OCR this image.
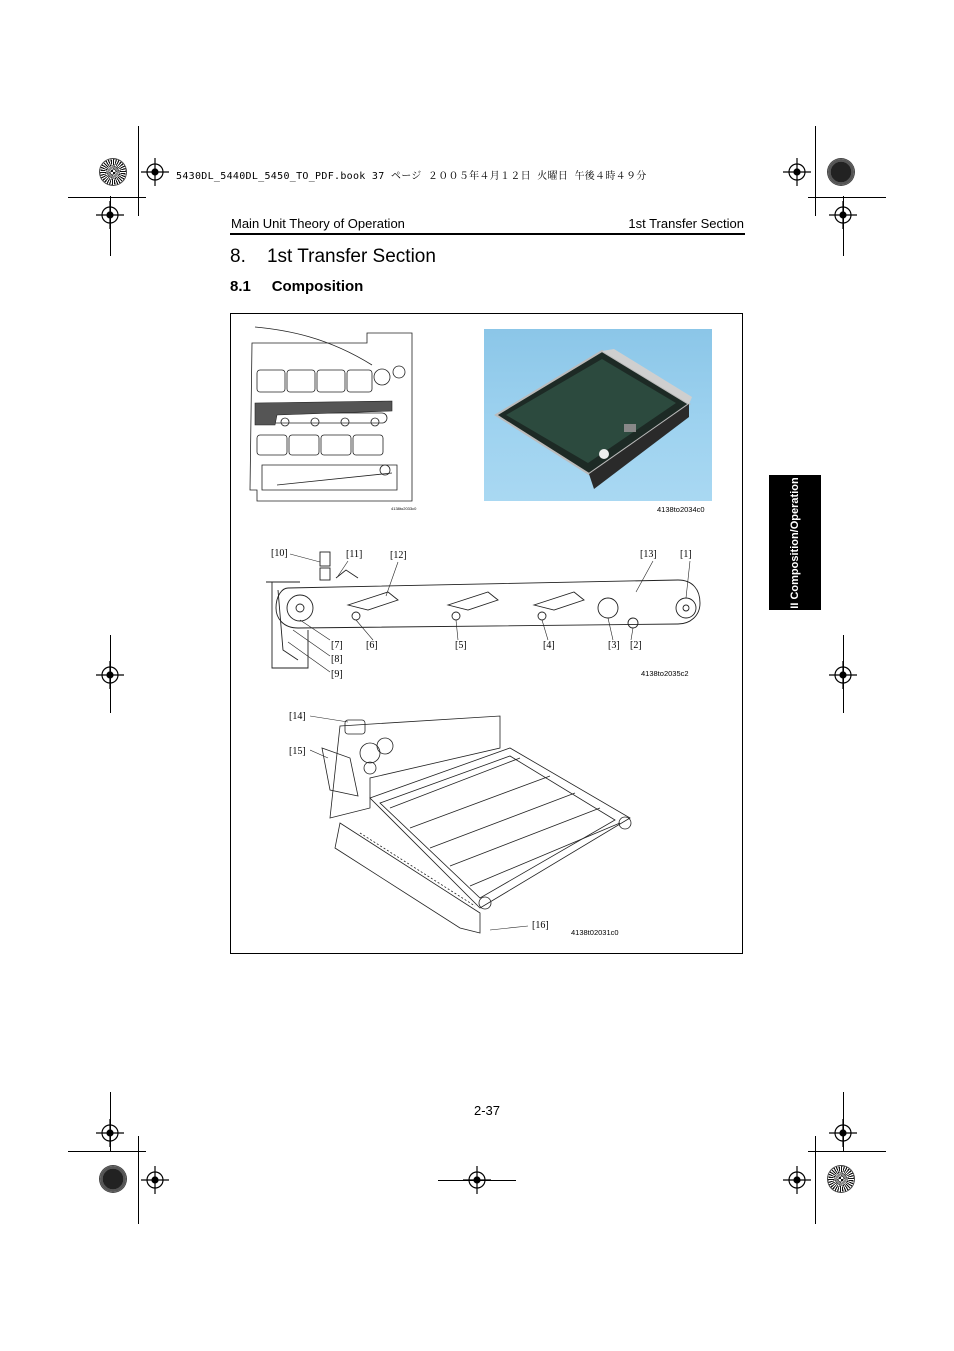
5430DL_5440DL_5450_TO_PDF.book 37 ページ ２００５年４月１２日 火曜日 午後４時４９分
Main Unit Theory of Operation	1st Transfer Section
8.    1st Transfer Section
8.1     Composition
II Composition/Operation
4138to2033c0	4138to2034c0
[10]	[11]	[12]	[13] [1]
[7] [6]	[5]	[4]	[3] [2]
[8]
[9]	4138to2035c2
[14]
[15]
[16]
4138t02031c0
2-37
